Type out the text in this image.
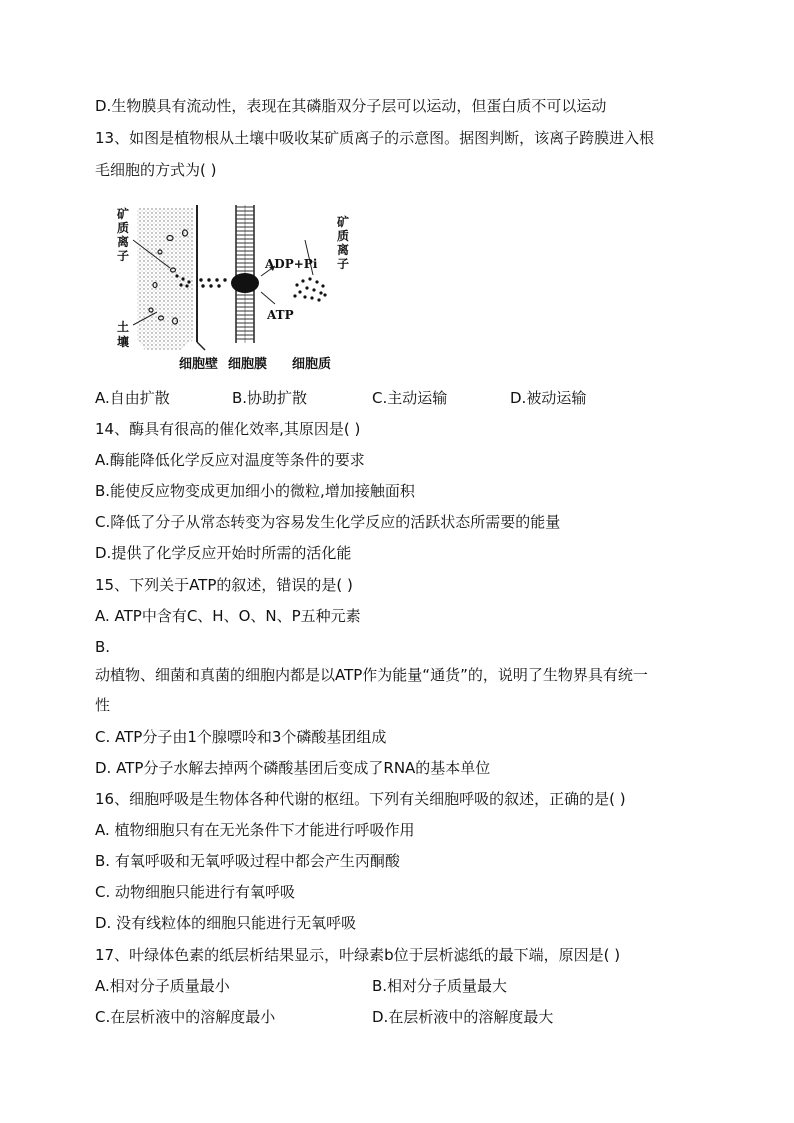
D.生物膜具有流动性，表现在其磷脂双分子层可以运动，但蛋白质不可以运动
13、如图是植物根从土壤中吸收某矿质离子的示意图。据图判断，该离子跨膜进入根
毛细胞的方式为( )
矿
质
离
子
土
壤
矿
质
离
子
ADP+Pi
ATP
细胞壁 细胞膜 细胞质
A.自由扩散	B.协助扩散	C.主动运输	D.被动运输
14、酶具有很高的催化效率,其原因是( )
A.酶能降低化学反应对温度等条件的要求
B.能使反应物变成更加细小的微粒,增加接触面积
C.降低了分子从常态转变为容易发生化学反应的活跃状态所需要的能量
D.提供了化学反应开始时所需的活化能
15、下列关于ATP的叙述，错误的是( )
A. ATP中含有C、H、O、N、P五种元素
B.
动植物、细菌和真菌的细胞内都是以ATP作为能量“通货”的，说明了生物界具有统一
性
C. ATP分子由1个腺嘌呤和3个磷酸基团组成
D. ATP分子水解去掉两个磷酸基团后变成了RNA的基本单位
16、细胞呼吸是生物体各种代谢的枢纽。下列有关细胞呼吸的叙述，正确的是( )
A. 植物细胞只有在无光条件下才能进行呼吸作用
B. 有氧呼吸和无氧呼吸过程中都会产生丙酮酸
C. 动物细胞只能进行有氧呼吸
D. 没有线粒体的细胞只能进行无氧呼吸
17、叶绿体色素的纸层析结果显示，叶绿素b位于层析滤纸的最下端，原因是( )
A.相对分子质量最小	B.相对分子质量最大
C.在层析液中的溶解度最小	D.在层析液中的溶解度最大
